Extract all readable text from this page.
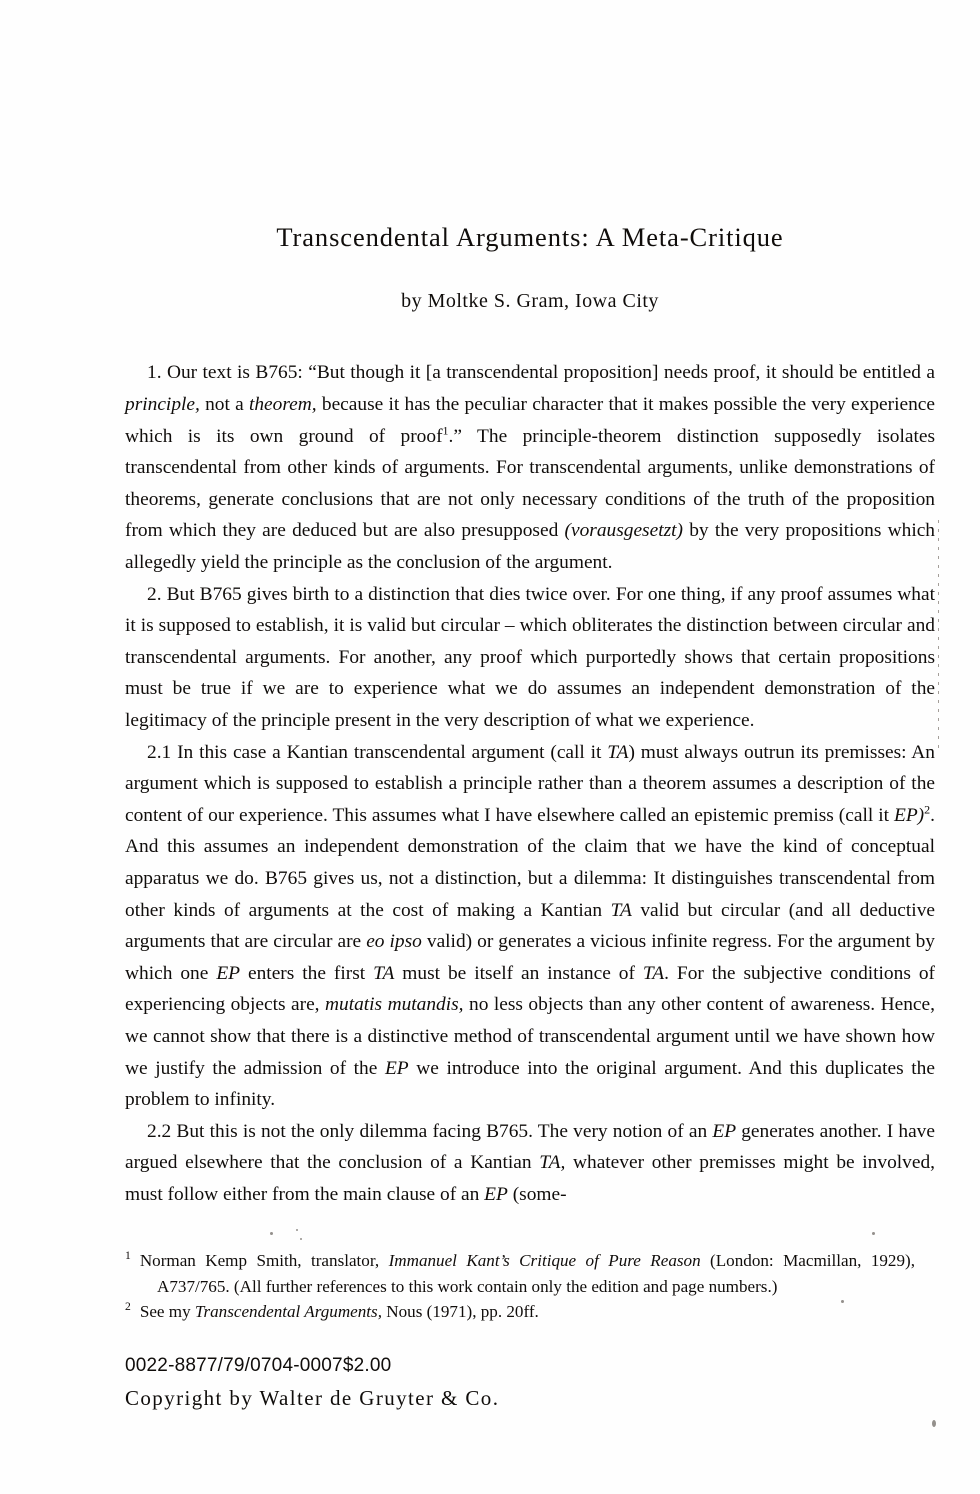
Transcendental Arguments: A Meta-Critique

by Moltke S. Gram, Iowa City

1. Our text is B765: “But though it [a transcendental proposition] needs proof, it should be entitled a principle, not a theorem, because it has the peculiar character that it makes possible the very experience which is its own ground of proof$^1$.” The principle-theorem distinction supposedly isolates transcendental from other kinds of arguments. For transcendental arguments, unlike demonstrations of theorems, generate conclusions that are not only necessary conditions of the truth of the proposition from which they are deduced but are also presupposed (vorausgesetzt) by the very propositions which allegedly yield the principle as the conclusion of the argument.

2. But B765 gives birth to a distinction that dies twice over. For one thing, if any proof assumes what it is supposed to establish, it is valid but circular – which obliterates the distinction between circular and transcendental arguments. For another, any proof which purportedly shows that certain propositions must be true if we are to experience what we do assumes an independent demonstration of the legitimacy of the principle present in the very description of what we experience.

2.1 In this case a Kantian transcendental argument (call it TA) must always outrun its premisses: An argument which is supposed to establish a principle rather than a theorem assumes a description of the content of our experience. This assumes what I have elsewhere called an epistemic premiss (call it EP)$^2$. And this assumes an independent demonstration of the claim that we have the kind of conceptual apparatus we do. B765 gives us, not a distinction, but a dilemma: It distinguishes transcendental from other kinds of arguments at the cost of making a Kantian TA valid but circular (and all deductive arguments that are circular are eo ipso valid) or generates a vicious infinite regress. For the argument by which one EP enters the first TA must be itself an instance of TA. For the subjective conditions of experiencing objects are, mutatis mutandis, no less objects than any other content of awareness. Hence, we cannot show that there is a distinctive method of transcendental argument until we have shown how we justify the admission of the EP we introduce into the original argument. And this duplicates the problem to infinity.

2.2 But this is not the only dilemma facing B765. The very notion of an EP generates another. I have argued elsewhere that the conclusion of a Kantian TA, whatever other premisses might be involved, must follow either from the main clause of an EP (some-

$^1$ Norman Kemp Smith, translator, Immanuel Kant’s Critique of Pure Reason (London: Macmillan, 1929), A737/765. (All further references to this work contain only the edition and page numbers.)

$^2$ See my Transcendental Arguments, Nous (1971), pp. 20ff.

0022-8877/79/0704-0007$2.00

Copyright by Walter de Gruyter & Co.
